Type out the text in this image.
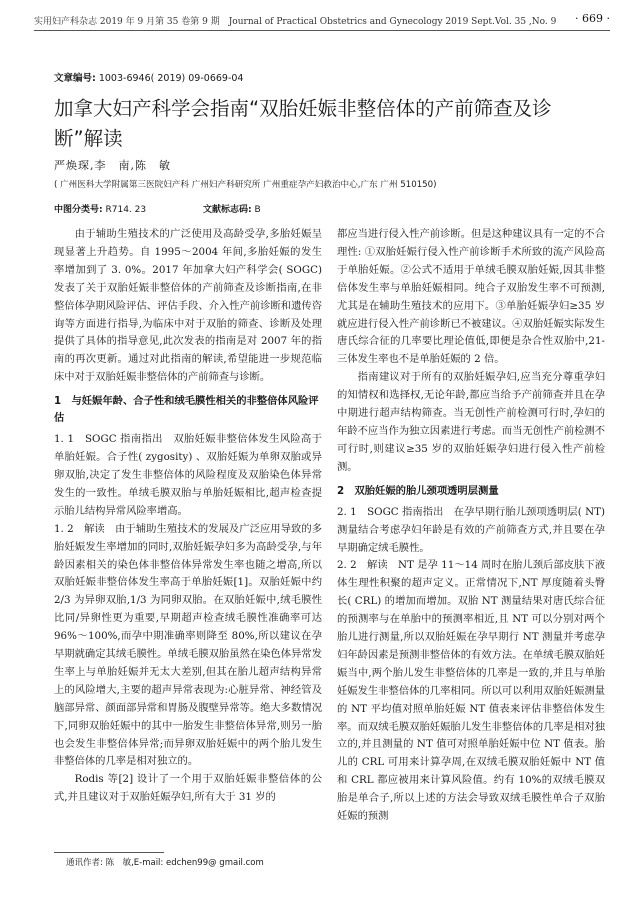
实用妇产科杂志 2019 年 9 月第 35 卷第 9 期　Journal of Practical Obstetrics and Gynecology 2019 Sept.Vol. 35 ,No. 9 · 669 ·
文章编号: 1003-6946( 2019) 09-0669-04
加拿大妇产科学会指南“双胎妊娠非整倍体的产前筛查及诊断”解读
严焕琛,李　南,陈　敏
( 广州医科大学附属第三医院妇产科 广州妇产科研究所 广州重症孕产妇救治中心,广东 广州 510150)
中图分类号: R714. 23	文献标志码: B

由于辅助生殖技术的广泛使用及高龄受孕,多胎妊娠呈现显著上升趋势。自 1995～2004 年间,多胎妊娠的发生率增加到了 3. 0%。2017 年加拿大妇产科学会( SOGC) 发表了关于双胎妊娠非整倍体的产前筛查及诊断指南,在非整倍体孕期风险评估、评估手段、介入性产前诊断和遗传咨询等方面进行指导,为临床中对于双胎的筛查、诊断及处理提供了具体的指导意见,此次发表的指南是对 2007 年的指南的再次更新。通过对此指南的解读,希望能进一步规范临床中对于双胎妊娠非整倍体的产前筛查与诊断。

1　与妊娠年龄、合子性和绒毛膜性相关的非整倍体风险评估

1. 1　SOGC 指南指出　双胎妊娠非整倍体发生风险高于单胎妊娠。合子性( zygosity) 、双胎妊娠为单卵双胎或异卵双胎,决定了发生非整倍体的风险程度及双胎染色体异常发生的一致性。单绒毛膜双胎与单胎妊娠相比,超声检查提示胎儿结构异常风险率增高。

1. 2　解读　由于辅助生殖技术的发展及广泛应用导致的多胎妊娠发生率增加的同时,双胎妊娠孕妇多为高龄受孕,与年龄因素相关的染色体非整倍体异常发生率也随之增高,所以双胎妊娠非整倍体发生率高于单胎妊娠[1]。双胎妊娠中约 2/3 为异卵双胎,1/3 为同卵双胎。在双胎妊娠中,绒毛膜性比同/异卵性更为重要,早期超声检查绒毛膜性准确率可达 96%～100%,而孕中期准确率则降至 80%,所以建议在孕早期就确定其绒毛膜性。单绒毛膜双胎虽然在染色体异常发生率上与单胎妊娠并无太大差别,但其在胎儿超声结构异常上的风险增大,主要的超声异常表现为:心脏异常、神经管及脑部异常、颜面部异常和胃肠及腹壁异常等。绝大多数情况下,同卵双胎妊娠中的其中一胎发生非整倍体异常,则另一胎也会发生非整倍体异常;而异卵双胎妊娠中的两个胎儿发生非整倍体的几率是相对独立的。

Rodis 等[2] 设计了一个用于双胎妊娠非整倍体的公式,并且建议对于双胎妊娠孕妇,所有大于 31 岁的

都应当进行侵入性产前诊断。但是这种建议具有一定的不合理性: ①双胎妊娠行侵入性产前诊断手术所致的流产风险高于单胎妊娠。②公式不适用于单绒毛膜双胎妊娠,因其非整倍体发生率与单胎妊娠相同。纯合子双胎发生率不可预测,尤其是在辅助生殖技术的应用下。③单胎妊娠孕妇≥35 岁就应进行侵入性产前诊断已不被建议。④双胎妊娠实际发生唐氏综合征的几率要比理论值低,即便是杂合性双胎中,21-三体发生率也不是单胎妊娠的 2 倍。

指南建议对于所有的双胎妊娠孕妇,应当充分尊重孕妇的知情权和选择权,无论年龄,都应当给予产前筛查并且在孕中期进行超声结构筛查。当无创性产前检测可行时,孕妇的年龄不应当作为独立因素进行考虑。而当无创性产前检测不可行时,则建议≥35 岁的双胎妊娠孕妇进行侵入性产前检测。

2　双胎妊娠的胎儿颈项透明层测量

2. 1　SOGC 指南指出　在孕早期行胎儿颈项透明层( NT) 测量结合考虑孕妇年龄是有效的产前筛查方式,并且要在孕早期确定绒毛膜性。

2. 2　解读　NT 是孕 11～14 周时在胎儿颈后部皮肤下液体生理性积聚的超声定义。正常情况下,NT 厚度随着头臀长( CRL) 的增加而增加。双胎 NT 测量结果对唐氏综合征的预测率与在单胎中的预测率相近,且 NT 可以分别对两个胎儿进行测量,所以双胎妊娠在孕早期行 NT 测量并考虑孕妇年龄因素是预测非整倍体的有效方法。在单绒毛膜双胎妊娠当中,两个胎儿发生非整倍体的几率是一致的,并且与单胎妊娠发生非整倍体的几率相同。所以可以利用双胎妊娠测量的 NT 平均值对照单胎妊娠 NT 值表来评估非整倍体发生率。而双绒毛膜双胎妊娠胎儿发生非整倍体的几率是相对独立的,并且测量的 NT 值可对照单胎妊娠中位 NT 值表。胎儿的 CRL 可用来计算孕周,在双绒毛膜双胎妊娠中 NT 值和 CRL 都应被用来计算风险值。约有 10%的双绒毛膜双胎是单合子,所以上述的方法会导致双绒毛膜性单合子双胎妊娠的预测

通讯作者: 陈　敏,E-mail: edchen99@ gmail.com
